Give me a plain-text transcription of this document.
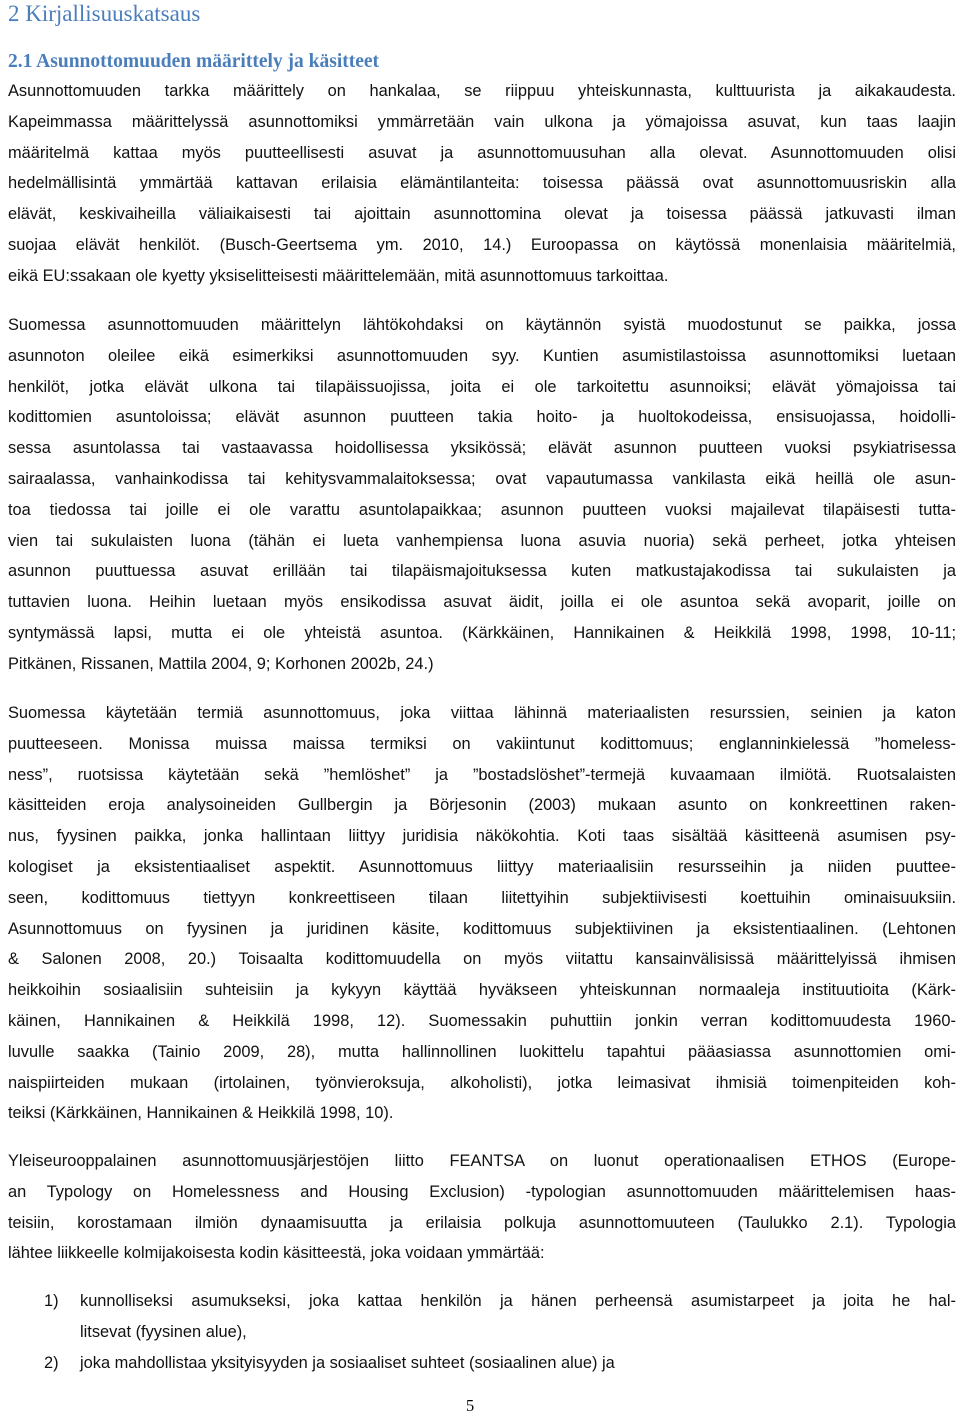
2 Kirjallisuuskatsaus
2.1 Asunnottomuuden määrittely ja käsitteet
Asunnottomuuden tarkka määrittely on hankalaa, se riippuu yhteiskunnasta, kulttuurista ja aikakaudesta.
Kapeimmassa määrittelyssä asunnottomiksi ymmärretään vain ulkona ja yömajoissa asuvat, kun taas laajin
määritelmä kattaa myös puutteellisesti asuvat ja asunnottomuusuhan alla olevat. Asunnottomuuden olisi
hedelmällisintä ymmärtää kattavan erilaisia elämäntilanteita: toisessa päässä ovat asunnottomuusriskin alla
elävät, keskivaiheilla väliaikaisesti tai ajoittain asunnottomina olevat ja toisessa päässä jatkuvasti ilman
suojaa elävät henkilöt. (Busch-Geertsema ym. 2010, 14.) Euroopassa on käytössä monenlaisia määritelmiä,
eikä EU:ssakaan ole kyetty yksiselitteisesti määrittelemään, mitä asunnottomuus tarkoittaa.
Suomessa asunnottomuuden määrittelyn lähtökohdaksi on käytännön syistä muodostunut se paikka, jossa
asunnoton oleilee eikä esimerkiksi asunnottomuuden syy. Kuntien asumistilastoissa asunnottomiksi luetaan
henkilöt, jotka elävät ulkona tai tilapäissuojissa, joita ei ole tarkoitettu asunnoiksi; elävät yömajoissa tai
kodittomien asuntoloissa; elävät asunnon puutteen takia hoito- ja huoltokodeissa, ensisuojassa, hoidolli-
sessa asuntolassa tai vastaavassa hoidollisessa yksikössä; elävät asunnon puutteen vuoksi psykiatrisessa
sairaalassa, vanhainkodissa tai kehitysvammalaitoksessa; ovat vapautumassa vankilasta eikä heillä ole asun-
toa tiedossa tai joille ei ole varattu asuntolapaikkaa; asunnon puutteen vuoksi majailevat tilapäisesti tutta-
vien tai sukulaisten luona (tähän ei lueta vanhempiensa luona asuvia nuoria) sekä perheet, jotka yhteisen
asunnon puuttuessa asuvat erillään tai tilapäismajoituksessa kuten matkustajakodissa tai sukulaisten ja
tuttavien luona. Heihin luetaan myös ensikodissa asuvat äidit, joilla ei ole asuntoa sekä avoparit, joille on
syntymässä lapsi, mutta ei ole yhteistä asuntoa. (Kärkkäinen, Hannikainen & Heikkilä 1998, 1998, 10-11;
Pitkänen, Rissanen, Mattila 2004, 9; Korhonen 2002b, 24.)
Suomessa käytetään termiä asunnottomuus, joka viittaa lähinnä materiaalisten resurssien, seinien ja katon
puutteeseen. Monissa muissa maissa termiksi on vakiintunut kodittomuus; englanninkielessä ”homeless-
ness”, ruotsissa käytetään sekä ”hemlöshet” ja ”bostadslöshet”-termejä kuvaamaan ilmiötä. Ruotsalaisten
käsitteiden eroja analysoineiden Gullbergin ja Börjesonin (2003) mukaan asunto on konkreettinen raken-
nus, fyysinen paikka, jonka hallintaan liittyy juridisia näkökohtia. Koti taas sisältää käsitteenä asumisen psy-
kologiset ja eksistentiaaliset aspektit. Asunnottomuus liittyy materiaalisiin resursseihin ja niiden puuttee-
seen, kodittomuus tiettyyn konkreettiseen tilaan liitettyihin subjektiivisesti koettuihin ominaisuuksiin.
Asunnottomuus on fyysinen ja juridinen käsite, kodittomuus subjektiivinen ja eksistentiaalinen. (Lehtonen
& Salonen 2008, 20.) Toisaalta kodittomuudella on myös viitattu kansainvälisissä määrittelyissä ihmisen
heikkoihin sosiaalisiin suhteisiin ja kykyyn käyttää hyväkseen yhteiskunnan normaaleja instituutioita (Kärk-
käinen, Hannikainen & Heikkilä 1998, 12). Suomessakin puhuttiin jonkin verran kodittomuudesta 1960-
luvulle saakka (Tainio 2009, 28), mutta hallinnollinen luokittelu tapahtui pääasiassa asunnottomien omi-
naispiirteiden mukaan (irtolainen, työnvieroksuja, alkoholisti), jotka leimasivat ihmisiä toimenpiteiden koh-
teiksi (Kärkkäinen, Hannikainen & Heikkilä 1998, 10).
Yleiseurooppalainen asunnottomuusjärjestöjen liitto FEANTSA on luonut operationaalisen ETHOS (Europe-
an Typology on Homelessness and Housing Exclusion) -typologian asunnottomuuden määrittelemisen haas-
teisiin, korostamaan ilmiön dynaamisuutta ja erilaisia polkuja asunnottomuuteen (Taulukko 2.1). Typologia
lähtee liikkeelle kolmijakoisesta kodin käsitteestä, joka voidaan ymmärtää:
1) kunnolliseksi asumukseksi, joka kattaa henkilön ja hänen perheensä asumistarpeet ja joita he hal-
litsevat (fyysinen alue),
2) joka mahdollistaa yksityisyyden ja sosiaaliset suhteet (sosiaalinen alue) ja
5
